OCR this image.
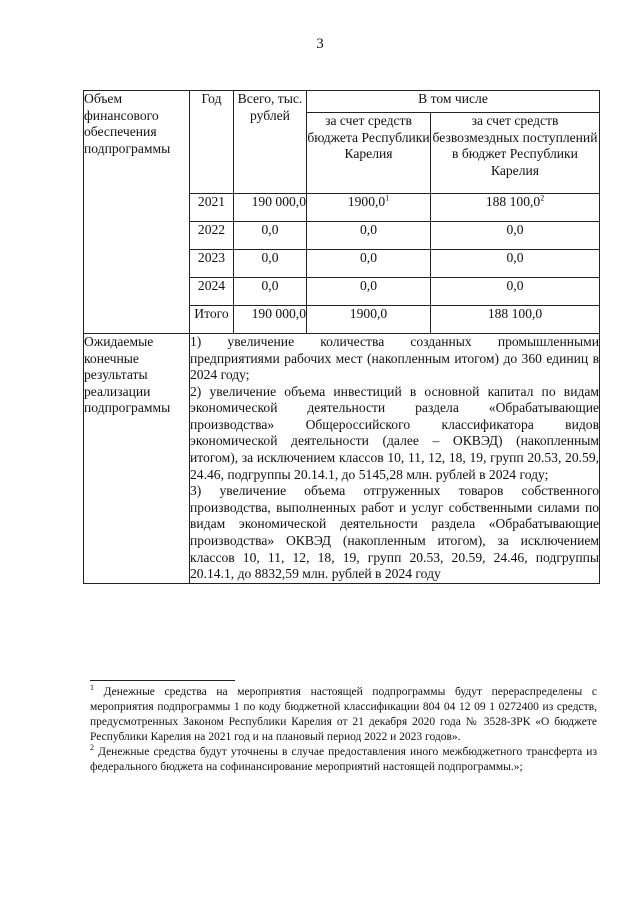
3
Объем финансового обеспечения подпрограммы	Год	Всего, тыс. рублей	В том числе	
			за счет средств бюджета Республики Карелия	за счет средств безвозмездных поступлений в бюджет Республики Карелия
	2021	190 000,0	1900,0$^1$	188 100,0$^2$
	2022	0,0	0,0	0,0
	2023	0,0	0,0	0,0
	2024	0,0	0,0	0,0
	Итого	190 000,0	1900,0	188 100,0
Ожидаемые конечные результаты реализации подпрограммы	1) увеличение количества созданных промышленными предприятиями рабочих мест (накопленным итогом) до 360 единиц в 2024 году;

2) увеличение объема инвестиций в основной капитал по видам экономической деятельности раздела «Обрабатывающие производства» Общероссийского классификатора видов экономической деятельности (далее – ОКВЭД) (накопленным итогом), за исключением классов 10, 11, 12, 18, 19, групп 20.53, 20.59, 24.46, подгруппы 20.14.1, до 5145,28 млн. рублей в 2024 году;

3) увеличение объема отгруженных товаров собственного производства, выполненных работ и услуг собственными силами по видам экономической деятельности раздела «Обрабатывающие производства» ОКВЭД (накопленным итогом), за исключением классов 10, 11, 12, 18, 19, групп 20.53, 20.59, 24.46, подгруппы 20.14.1, до 8832,59 млн. рублей в 2024 году			

$^1$ Денежные средства на мероприятия настоящей подпрограммы будут перераспределены с мероприятия подпрограммы 1 по коду бюджетной классификации 804 04 12 09 1 0272400 из средств, предусмотренных Законом Республики Карелия от 21 декабря 2020 года № 3528-ЗРК «О бюджете Республики Карелия на 2021 год и на плановый период 2022 и 2023 годов».

$^2$ Денежные средства будут уточнены в случае предоставления иного межбюджетного трансферта из федерального бюджета на софинансирование мероприятий настоящей подпрограммы.»;
